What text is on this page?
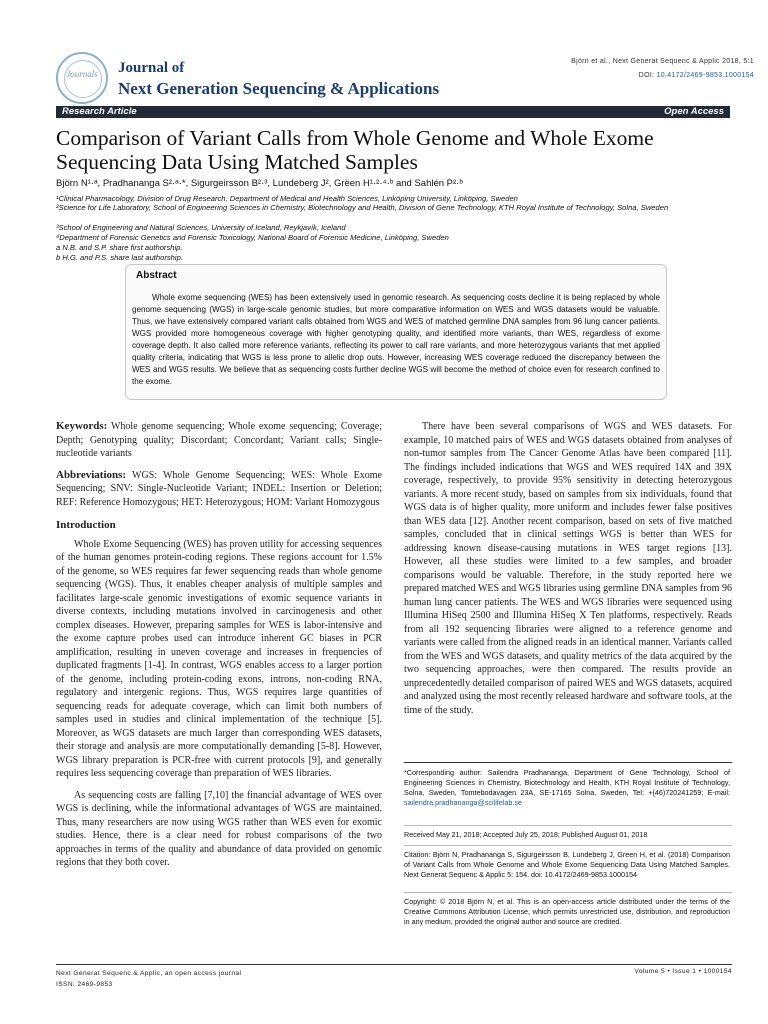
Journals	Journal of
Next Generation Sequencing & Applications
Björn et al., Next Generat Sequenc & Applic 2018, 5:1
DOI: 10.4172/2469-9853.1000154
Research Article	Open Access
Comparison of Variant Calls from Whole Genome and Whole Exome Sequencing Data Using Matched Samples
Björn N¹·ᵃ, Pradhananga S²·ᵃ·*, Sigurgeirsson B²·³, Lundeberg J², Grëen H¹·²·⁴·ᵇ and Sahlén P²·ᵇ
¹Clinical Pharmacology, Division of Drug Research, Department of Medical and Health Sciences, Linköping University, Linköping, Sweden
²Science for Life Laboratory, School of Engineering Sciences in Chemistry, Biotechnology and Health, Division of Gene Technology, KTH Royal Institute of Technology, Solna, Sweden
³School of Engineering and Natural Sciences, University of Iceland, Reykjavík, Iceland
⁴Department of Forensic Genetics and Forensic Toxicology, National Board of Forensic Medicine, Linköping, Sweden
a N.B. and S.P. share first authorship.
b H.G. and P.S. share last authorship.
Abstract
Whole exome sequencing (WES) has been extensively used in genomic research. As sequencing costs decline it is being replaced by whole genome sequencing (WGS) in large-scale genomic studies, but more comparative information on WES and WGS datasets would be valuable. Thus, we have extensively compared variant calls obtained from WGS and WES of matched germline DNA samples from 96 lung cancer patients. WGS provided more homogeneous coverage with higher genotyping quality, and identified more variants, than WES, regardless of exome coverage depth. It also called more reference variants, reflecting its power to call rare variants, and more heterozygous variants that met applied quality criteria, indicating that WGS is less prone to allelic drop outs. However, increasing WES coverage reduced the discrepancy between the WES and WGS results. We believe that as sequencing costs further decline WGS will become the method of choice even for research confined to the exome.

Keywords: Whole genome sequencing; Whole exome sequencing; Coverage; Depth; Genotyping quality; Discordant; Concordant; Variant calls; Single-nucleotide variants

Abbreviations: WGS: Whole Genome Sequencing; WES: Whole Exome Sequencing; SNV: Single-Nucleotide Variant; INDEL: Insertion or Deletion; REF: Reference Homozygous; HET: Heterozygous; HOM: Variant Homozygous

Introduction

Whole Exome Sequencing (WES) has proven utility for accessing sequences of the human genomes protein-coding regions. These regions account for 1.5% of the genome, so WES requires far fewer sequencing reads than whole genome sequencing (WGS). Thus, it enables cheaper analysis of multiple samples and facilitates large-scale genomic investigations of exomic sequence variants in diverse contexts, including mutations involved in carcinogenesis and other complex diseases. However, preparing samples for WES is labor-intensive and the exome capture probes used can introduce inherent GC biases in PCR amplification, resulting in uneven coverage and increases in frequencies of duplicated fragments [1-4]. In contrast, WGS enables access to a larger portion of the genome, including protein-coding exons, introns, non-coding RNA, regulatory and intergenic regions. Thus, WGS requires large quantities of sequencing reads for adequate coverage, which can limit both numbers of samples used in studies and clinical implementation of the technique [5]. Moreover, as WGS datasets are much larger than corresponding WES datasets, their storage and analysis are more computationally demanding [5-8]. However, WGS library preparation is PCR-free with current protocols [9], and generally requires less sequencing coverage than preparation of WES libraries.

As sequencing costs are falling [7,10] the financial advantage of WES over WGS is declining, while the informational advantages of WGS are maintained. Thus, many researchers are now using WGS rather than WES even for exomic studies. Hence, there is a clear need for robust comparisons of the two approaches in terms of the quality and abundance of data provided on genomic regions that they both cover.

There have been several comparisons of WGS and WES datasets. For example, 10 matched pairs of WES and WGS datasets obtained from analyses of non-tumor samples from The Cancer Genome Atlas have been compared [11]. The findings included indications that WGS and WES required 14X and 39X coverage, respectively, to provide 95% sensitivity in detecting heterozygous variants. A more recent study, based on samples from six individuals, found that WGS data is of higher quality, more uniform and includes fewer false positives than WES data [12]. Another recent comparison, based on sets of five matched samples, concluded that in clinical settings WGS is better than WES for addressing known disease-causing mutations in WES target regions [13]. However, all these studies were limited to a few samples, and broader comparisons would be valuable. Therefore, in the study reported here we prepared matched WES and WGS libraries using germline DNA samples from 96 human lung cancer patients. The WES and WGS libraries were sequenced using Illumina HiSeq 2500 and Illumina HiSeq X Ten platforms, respectively. Reads from all 192 sequencing libraries were aligned to a reference genome and variants were called from the aligned reads in an identical manner. Variants called from the WES and WGS datasets, and quality metrics of the data acquired by the two sequencing approaches, were then compared. The results provide an unprecedentedly detailed comparison of paired WES and WGS datasets, acquired and analyzed using the most recently released hardware and software tools, at the time of the study.

*Corresponding author: Sailendra Pradhananga, Department of Gene Technology, School of Engineering Sciences in Chemistry, Biotechnology and Health, KTH Royal Institute of Technology, Solna, Sweden, Tomtebodavagen 23A, SE-17165 Solna, Sweden, Tel: +(46)720241259; E-mail: sailendra.pradhananga@scilifelab.se
Received May 21, 2018; Accepted July 25, 2018; Published August 01, 2018
Citation: Björn N, Pradhananga S, Sigurgeirsson B, Lundeberg J, Green H, et al. (2018) Comparison of Variant Calls from Whole Genome and Whole Exome Sequencing Data Using Matched Samples. Next Generat Sequenc & Applic 5: 154. doi: 10.4172/2469-9853.1000154
Copyright: © 2018 Björn N, et al. This is an open-access article distributed under the terms of the Creative Commons Attribution License, which permits unrestricted use, distribution, and reproduction in any medium, provided the original author and source are credited.
Next Generat Sequenc & Applic, an open access journal
ISSN: 2469-9853
Volume 5 • Issue 1 • 1000154
